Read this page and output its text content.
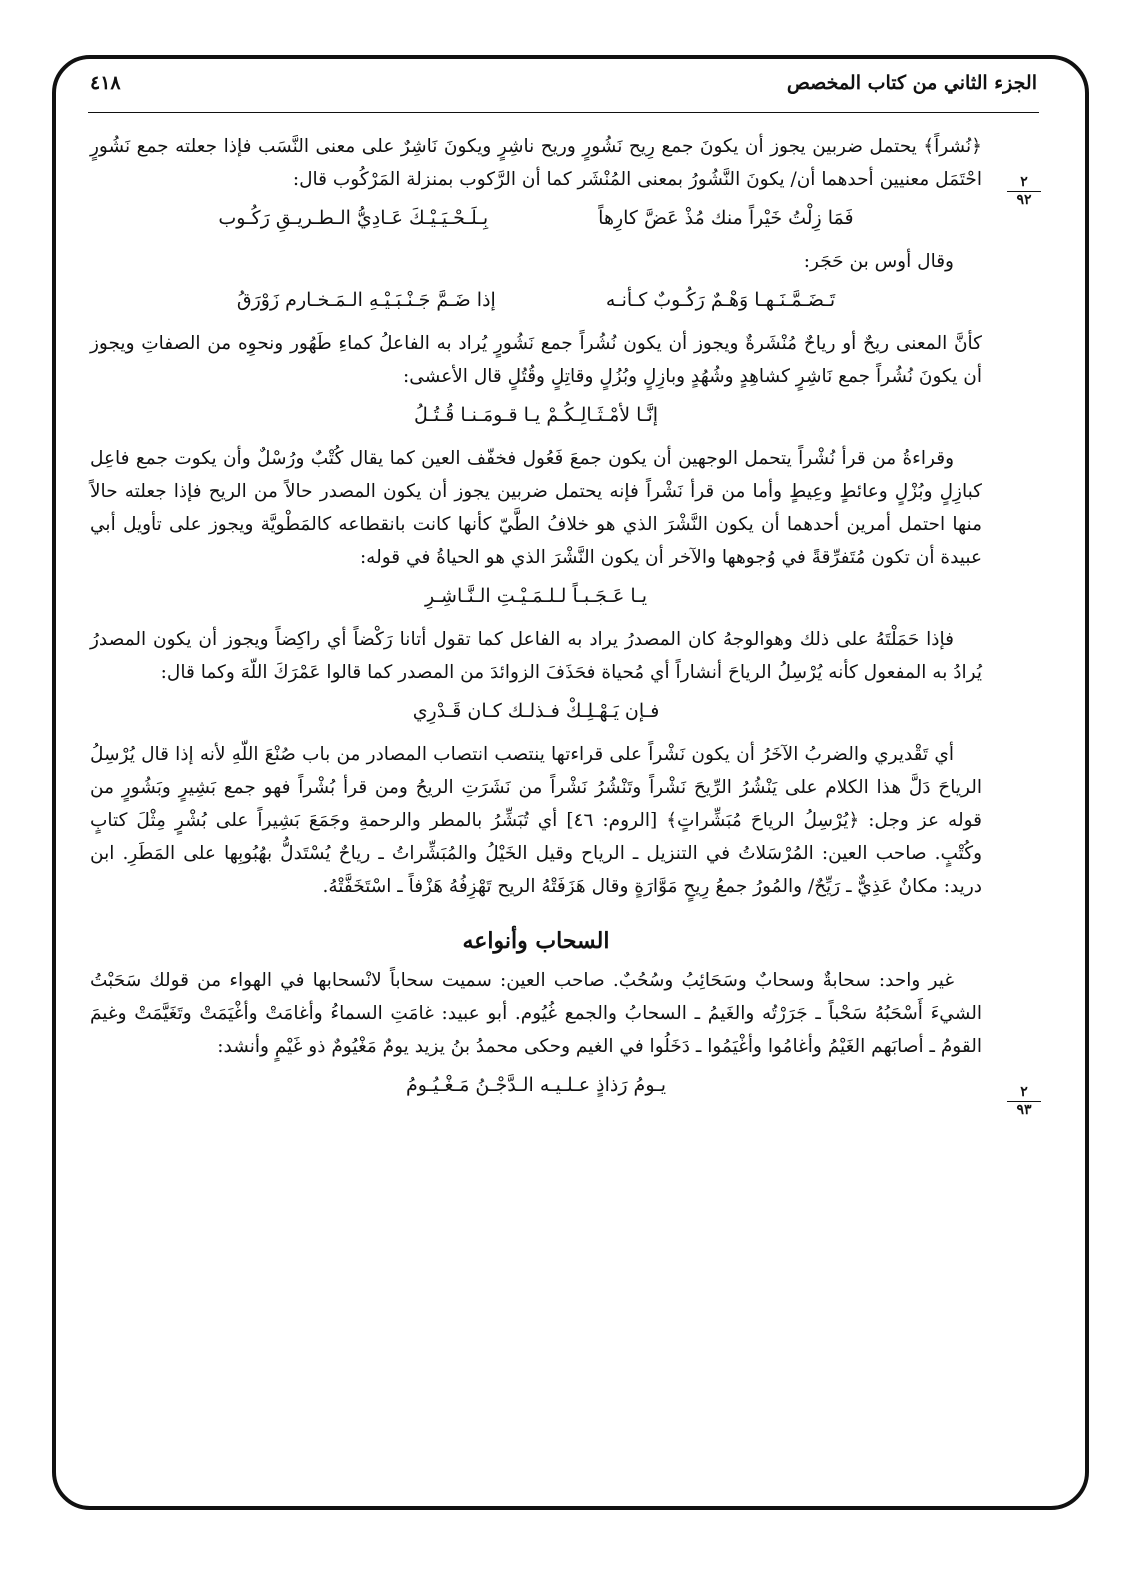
الجزء الثاني من كتاب المخصص
٤١٨
٢
٩٢
٢
٩٣

﴿نُشراً﴾ يحتمل ضربين يجوز أن يكونَ جمع رِيح نَشُورٍ وريح ناشِرٍ ويكونَ نَاشِرٌ على معنى النَّسَب فإذا جعلته جمع نَشُورٍ احْتَمَل معنيين أحدهما أن/ يكونَ النَّشُورُ بمعنى المُنْشَر كما أن الرَّكوب بمنزلة المَرْكُوب قال:

فَمَا زِلْتُ خَيْراً منك مُذْ عَضَّ كارِهاً
بِـلَـحْـيَـيْـكَ عَـادِيُّ الـطـريـقِ رَكُـوب

وقال أوس بن حَجَر:

تَـضَـمَّـنَـهـا وَهْـمٌ رَكُـوبٌ كـأنـه
إذا ضَـمَّ جَـنْـبَـيْـهِ الـمَـخـارم زَوْرَقُ

كأنَّ المعنى ريحٌ أو رياحٌ مُنْشَرةٌ ويجوز أن يكون نُشُراً جمع نَشُورٍ يُراد به الفاعلُ كماءِ طَهُور ونحوِه من الصفاتِ ويجوز أن يكونَ نُشُراً جمع نَاشِرٍ كشاهِدٍ وشُهُدٍ وبازِلٍ وبُزُلٍ وقاتِلٍ وقُتُلٍ قال الأعشى:

إنَّـا لأمْـثَـالِـكُـمْ يـا قـومَـنـا قُـتُـلُ

وقراءةُ من قرأ نُشْراً يتحمل الوجهين أن يكون جمعَ فَعُول فخفّف العين كما يقال كُتْبٌ ورُسْلٌ وأن يكوت جمع فاعِل كبازِلٍ وبُزْلٍ وعائطٍ وعِيطٍ وأما من قرأ نَشْراً فإنه يحتمل ضربين يجوز أن يكون المصدر حالاً من الريح فإذا جعلته حالاً منها احتمل أمرين أحدهما أن يكون النَّشْرَ الذي هو خلافُ الطَّيّ كأنها كانت بانقطاعه كالمَطْويَّة ويجوز على تأويل أبي عبيدة أن تكون مُتَفرِّقةً في وُجوهها والآخر أن يكون النَّشْرَ الذي هو الحياةُ في قوله:

يـا عَـجَـبـاً لـلـمَـيْـتِ الـنَّـاشِـرِ

فإذا حَمَلْتَهُ على ذلك وهوالوجهُ كان المصدرُ يراد به الفاعل كما تقول أتانا رَكْضاً أي راكِضاً ويجوز أن يكون المصدرُ يُرادُ به المفعول كأنه يُرْسِلُ الرياحَ أنشاراً أي مُحياة فحَذَفَ الزوائدَ من المصدر كما قالوا عَمْرَكَ اللّهَ وكما قال:

فـإن يَـهْـلِـكْ فـذلـك كـان قَـدْرِي

أي تَقْديري والضربُ الآخَرُ أن يكون نَشْراً على قراءتها ينتصب انتصاب المصادر من باب صُنْعَ اللّهِ لأنه إذا قال يُرْسِلُ الرياحَ دَلَّ هذا الكلام على يَنْشُرُ الرِّيحَ نَشْراً وتَنْشُرُ نَشْراً من نَشَرَتِ الريحُ ومن قرأ بُشْراً فهو جمع بَشِيرٍ وبَشُورٍ من قوله عز وجل: ﴿يُرْسِلُ الرياحَ مُبَشِّراتٍ﴾ [الروم: ٤٦] أي تُبَشِّرُ بالمطر والرحمةِ وجَمَعَ بَشِيراً على بُشْرٍ مِثْلَ كتابٍ وكُتْبٍ. صاحب العين: المُرْسَلاتُ في التنزيل ـ الرياح وقيل الخَيْلُ والمُبَشِّراتُ ـ رياحٌ يُسْتَدلُّ بهُبُوبِها على المَطَرِ. ابن دريد: مكانٌ عَذِيٌّ ـ رَيِّحٌ/ والمُورُ جمعُ رِيحٍ مَوَّارَةٍ وقال هَزَفَتْهُ الريح تَهْزِفُهُ هَزْفاً ـ اسْتَخَفَّتْهُ.

السحاب وأنواعه

غير واحد: سحابةٌ وسحابٌ وسَحَائِبُ وسُحُبٌ. صاحب العين: سميت سحاباً لانْسحابها في الهواء من قولك سَحَبْتُ الشيءَ أَسْحَبُهُ سَحْباً ـ جَرَرْتُه والغَيمُ ـ السحابُ والجمع غُيُوم. أبو عبيد: غامَتِ السماءُ وأغامَتْ وأغْيَمَتْ وتَغَيَّمَتْ وغيمَ القومُ ـ أصابَهم الغَيْمُ وأغامُوا وأغْيَمُوا ـ دَخَلُوا في الغيم وحكى محمدُ بنُ يزيد يومٌ مَغْيُومٌ ذو غَيْمٍ وأنشد:

يـومُ رَذاذٍ عـلـيـه الـدَّجْـنُ مَـغْـيُـومُ
